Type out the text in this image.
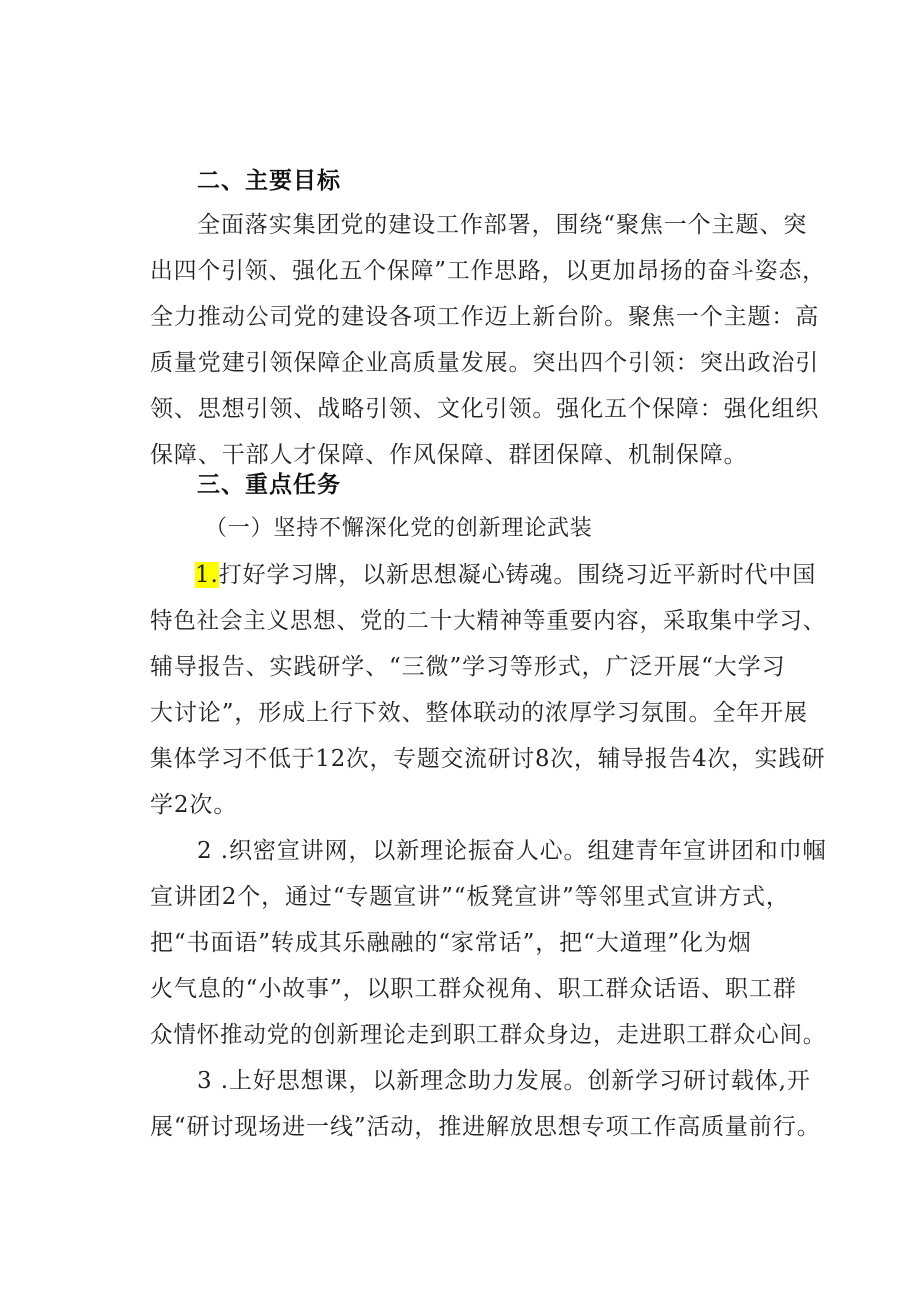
二、主要目标
全面落实集团党的建设工作部署，围绕“聚焦一个主题、突
出四个引领、强化五个保障”工作思路，以更加昂扬的奋斗姿态，
全力推动公司党的建设各项工作迈上新台阶。聚焦一个主题：高
质量党建引领保障企业高质量发展。突出四个引领：突出政治引
领、思想引领、战略引领、文化引领。强化五个保障：强化组织
保障、干部人才保障、作风保障、群团保障、机制保障。
三、重点任务
（一）坚持不懈深化党的创新理论武装
1.打好学习牌，以新思想凝心铸魂。围绕习近平新时代中国
特色社会主义思想、党的二十大精神等重要内容，采取集中学习、
辅导报告、实践研学、“三微”学习等形式，广泛开展“大学习
大讨论”，形成上行下效、整体联动的浓厚学习氛围。全年开展
集体学习不低于12次，专题交流研讨8次，辅导报告4次，实践研
学2次。
2 .织密宣讲网，以新理论振奋人心。组建青年宣讲团和巾帼
宣讲团2个，通过“专题宣讲”“板凳宣讲”等邻里式宣讲方式，
把“书面语”转成其乐融融的“家常话”，把“大道理”化为烟
火气息的“小故事”，以职工群众视角、职工群众话语、职工群
众情怀推动党的创新理论走到职工群众身边，走进职工群众心间。
3 .上好思想课，以新理念助力发展。创新学习研讨载体,开
展“研讨现场进一线”活动，推进解放思想专项工作高质量前行。
